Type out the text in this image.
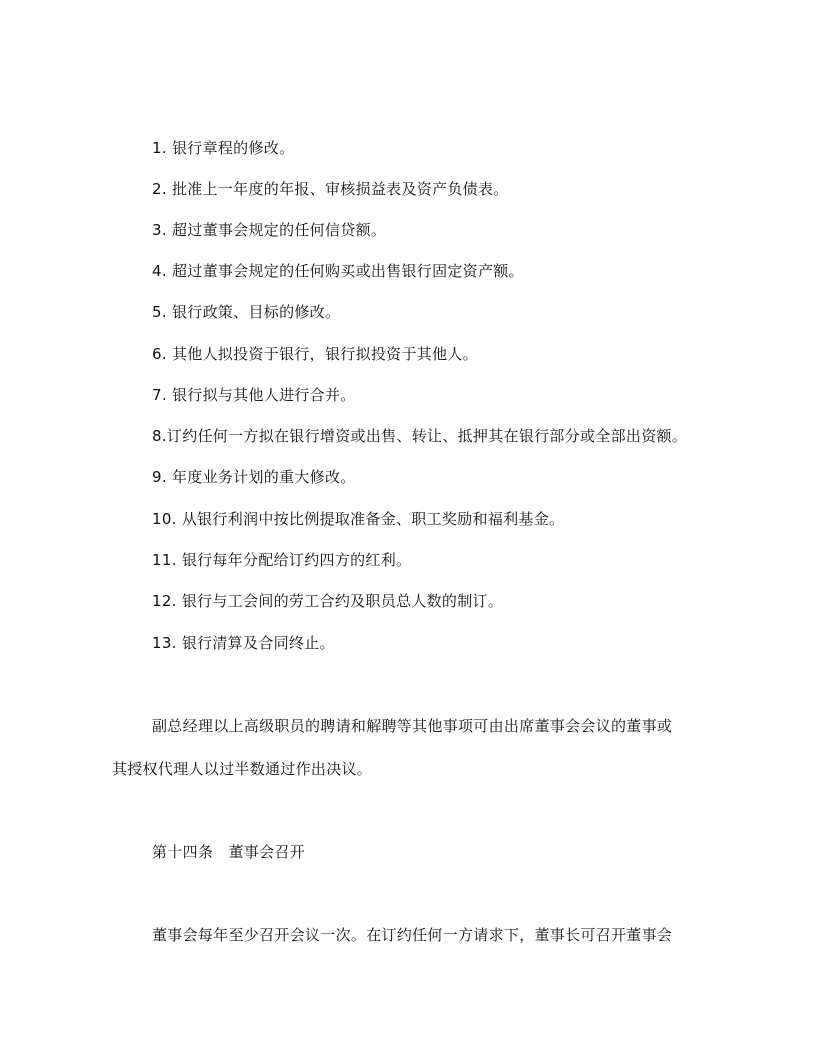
1. 银行章程的修改。
2. 批准上一年度的年报、审核损益表及资产负债表。
3. 超过董事会规定的任何信贷额。
4. 超过董事会规定的任何购买或出售银行固定资产额。
5. 银行政策、目标的修改。
6. 其他人拟投资于银行，银行拟投资于其他人。
7. 银行拟与其他人进行合并。
8.订约任何一方拟在银行增资或出售、转让、抵押其在银行部分或全部出资额。
9. 年度业务计划的重大修改。
10. 从银行利润中按比例提取准备金、职工奖励和福利基金。
11. 银行每年分配给订约四方的红利。
12. 银行与工会间的劳工合约及职员总人数的制订。
13. 银行清算及合同终止。
副总经理以上高级职员的聘请和解聘等其他事项可由出席董事会会议的董事或
其授权代理人以过半数通过作出决议。
第十四条　董事会召开
董事会每年至少召开会议一次。在订约任何一方请求下，董事长可召开董事会
